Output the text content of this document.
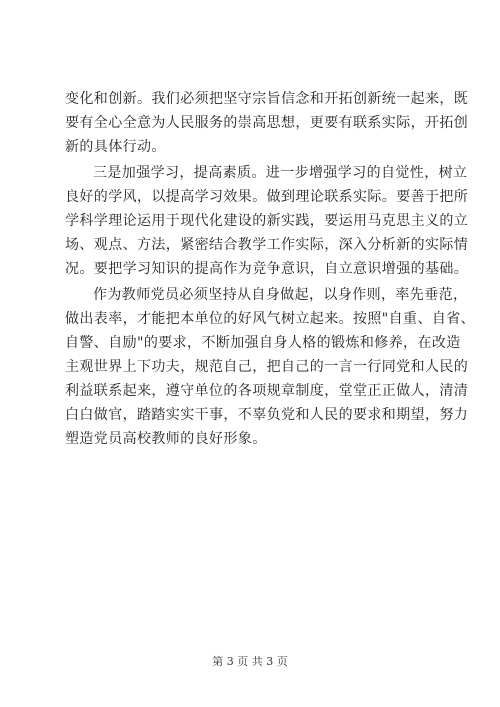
变化和创新。我们必须把坚守宗旨信念和开拓创新统一起来，既
要有全心全意为人民服务的崇高思想，更要有联系实际，开拓创
新的具体行动。
三是加强学习，提高素质。进一步增强学习的自觉性，树立
良好的学风，以提高学习效果。做到理论联系实际。要善于把所
学科学理论运用于现代化建设的新实践，要运用马克思主义的立
场、观点、方法，紧密结合教学工作实际，深入分析新的实际情
况。要把学习知识的提高作为竞争意识，自立意识增强的基础。
作为教师党员必须坚持从自身做起，以身作则，率先垂范，
做出表率，才能把本单位的好风气树立起来。按照"自重、自省、
自警、自励"的要求，不断加强自身人格的锻炼和修养，在改造
主观世界上下功夫，规范自己，把自己的一言一行同党和人民的
利益联系起来，遵守单位的各项规章制度，堂堂正正做人，清清
白白做官，踏踏实实干事，不辜负党和人民的要求和期望，努力
塑造党员高校教师的良好形象。
第 3 页 共 3 页
